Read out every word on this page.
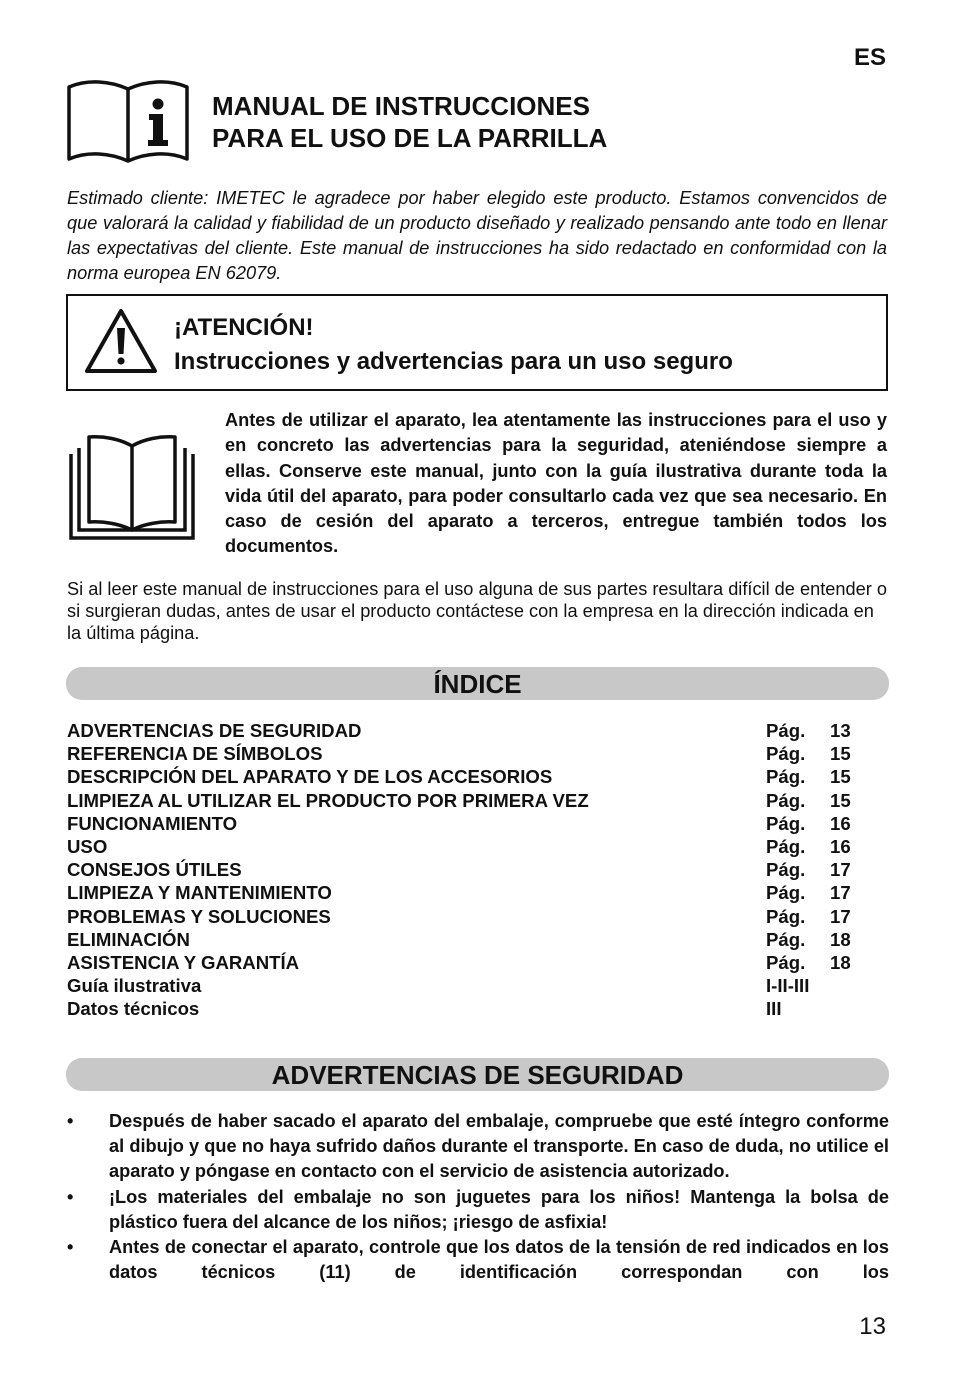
ES
MANUAL DE INSTRUCCIONES
PARA EL USO DE LA PARRILLA
Estimado cliente: IMETEC le agradece por haber elegido este producto. Estamos convencidos de que valorará la calidad y fiabilidad de un producto diseñado y realizado pensando ante todo en llenar las expectativas del cliente. Este manual de instrucciones ha sido redactado en conformidad con la norma europea EN 62079.
¡ATENCIÓN!
Instrucciones y advertencias para un uso seguro
Antes de utilizar el aparato, lea atentamente las instrucciones para el uso y en concreto las advertencias para la seguridad, ateniéndose siempre a ellas. Conserve este manual, junto con la guía ilustrativa durante toda la vida útil del aparato, para poder consultarlo cada vez que sea necesario. En caso de cesión del aparato a terceros, entregue también todos los documentos.
Si al leer este manual de instrucciones para el uso alguna de sus partes resultara difícil de entender o si surgieran dudas, antes de usar el producto contáctese con la empresa en la dirección indicada en la última página.
ÍNDICE
ADVERTENCIAS DE SEGURIDAD	Pág. 13
REFERENCIA DE SÍMBOLOS	Pág. 15
DESCRIPCIÓN DEL APARATO Y DE LOS ACCESORIOS	Pág. 15
LIMPIEZA AL UTILIZAR EL PRODUCTO POR PRIMERA VEZ	Pág. 15
FUNCIONAMIENTO	Pág. 16
USO	Pág. 16
CONSEJOS ÚTILES	Pág. 17
LIMPIEZA Y MANTENIMIENTO	Pág. 17
PROBLEMAS Y SOLUCIONES	Pág. 17
ELIMINACIÓN	Pág. 18
ASISTENCIA Y GARANTÍA	Pág. 18
Guía ilustrativa	I-II-III
Datos técnicos	III
ADVERTENCIAS DE SEGURIDAD
• Después de haber sacado el aparato del embalaje, compruebe que esté íntegro conforme al dibujo y que no haya sufrido daños durante el transporte. En caso de duda, no utilice el aparato y póngase en contacto con el servicio de asistencia autorizado.
• ¡Los materiales del embalaje no son juguetes para los niños! Mantenga la bolsa de plástico fuera del alcance de los niños; ¡riesgo de asfixia!
• Antes de conectar el aparato, controle que los datos de la tensión de red indicados en los datos técnicos (11) de identificación correspondan con los
13
